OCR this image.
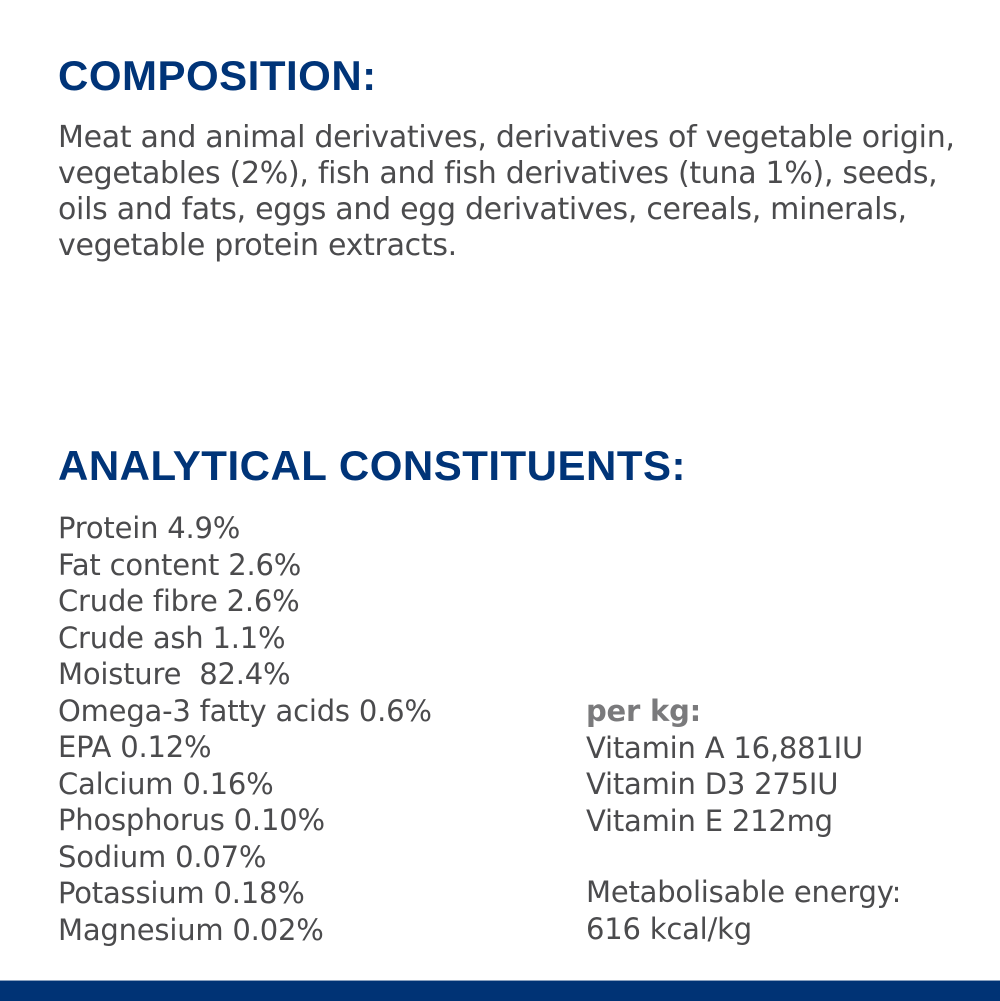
COMPOSITION:

Meat and animal derivatives, derivatives of vegetable origin, vegetables (2%), fish and fish derivatives (tuna 1%), seeds, oils and fats, eggs and egg derivatives, cereals, minerals, vegetable protein extracts.

ANALYTICAL CONSTITUENTS:
Protein 4.9%
Fat content 2.6%
Crude fibre 2.6%
Crude ash 1.1%
Moisture  82.4%
Omega-3 fatty acids 0.6%
EPA 0.12%
Calcium 0.16%
Phosphorus 0.10%
Sodium 0.07%
Potassium 0.18%
Magnesium 0.02%
per kg:
Vitamin A 16,881IU
Vitamin D3 275IU
Vitamin E 212mg
Metabolisable energy:
616 kcal/kg
